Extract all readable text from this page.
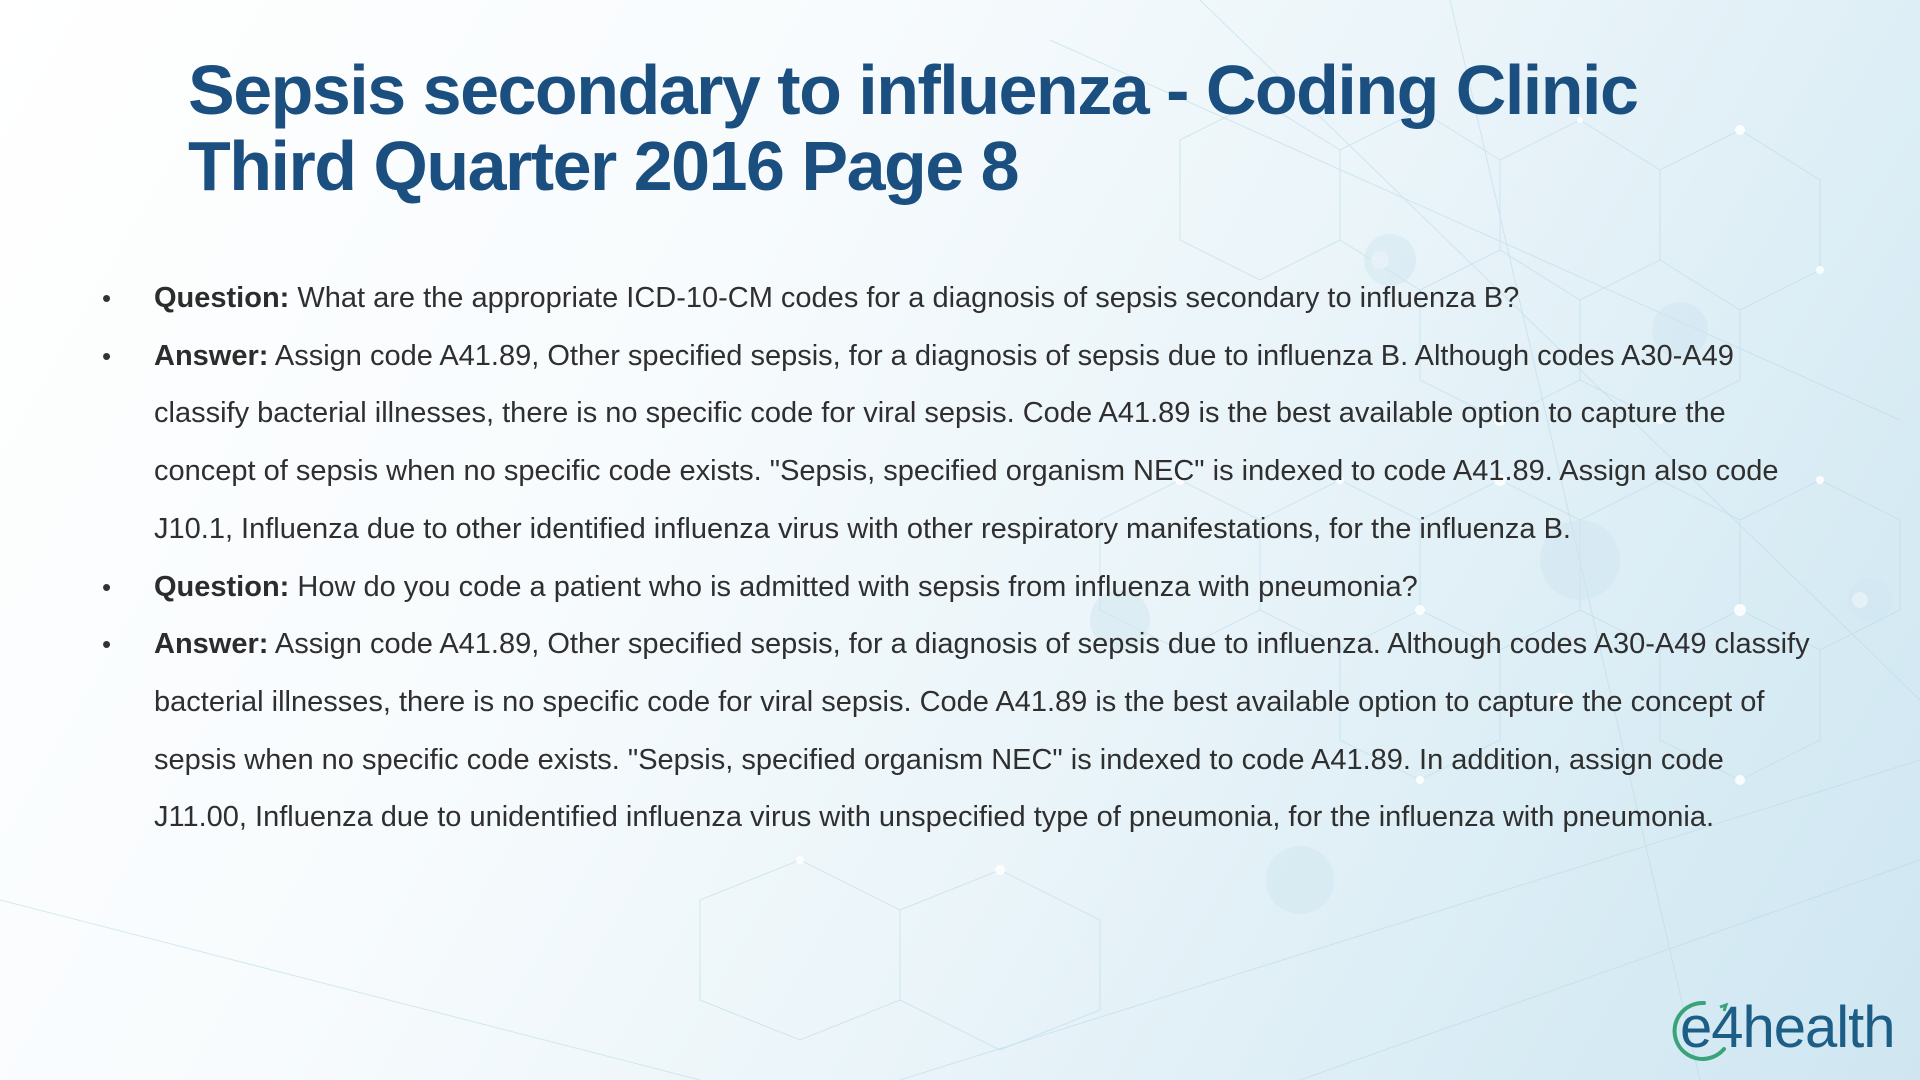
Sepsis secondary to influenza - Coding Clinic
Third Quarter 2016 Page 8
• Question: What are the appropriate ICD-10-CM codes for a diagnosis of sepsis secondary to influenza B?
• Answer: Assign code A41.89, Other specified sepsis, for a diagnosis of sepsis due to influenza B. Although codes A30-A49 classify bacterial illnesses, there is no specific code for viral sepsis. Code A41.89 is the best available option to capture the concept of sepsis when no specific code exists. "Sepsis, specified organism NEC" is indexed to code A41.89. Assign also code J10.1, Influenza due to other identified influenza virus with other respiratory manifestations, for the influenza B.
• Question: How do you code a patient who is admitted with sepsis from influenza with pneumonia?
• Answer: Assign code A41.89, Other specified sepsis, for a diagnosis of sepsis due to influenza. Although codes A30-A49 classify bacterial illnesses, there is no specific code for viral sepsis. Code A41.89 is the best available option to capture the concept of sepsis when no specific code exists. "Sepsis, specified organism NEC" is indexed to code A41.89. In addition, assign code J11.00, Influenza due to unidentified influenza virus with unspecified type of pneumonia, for the influenza with pneumonia.
e4health
